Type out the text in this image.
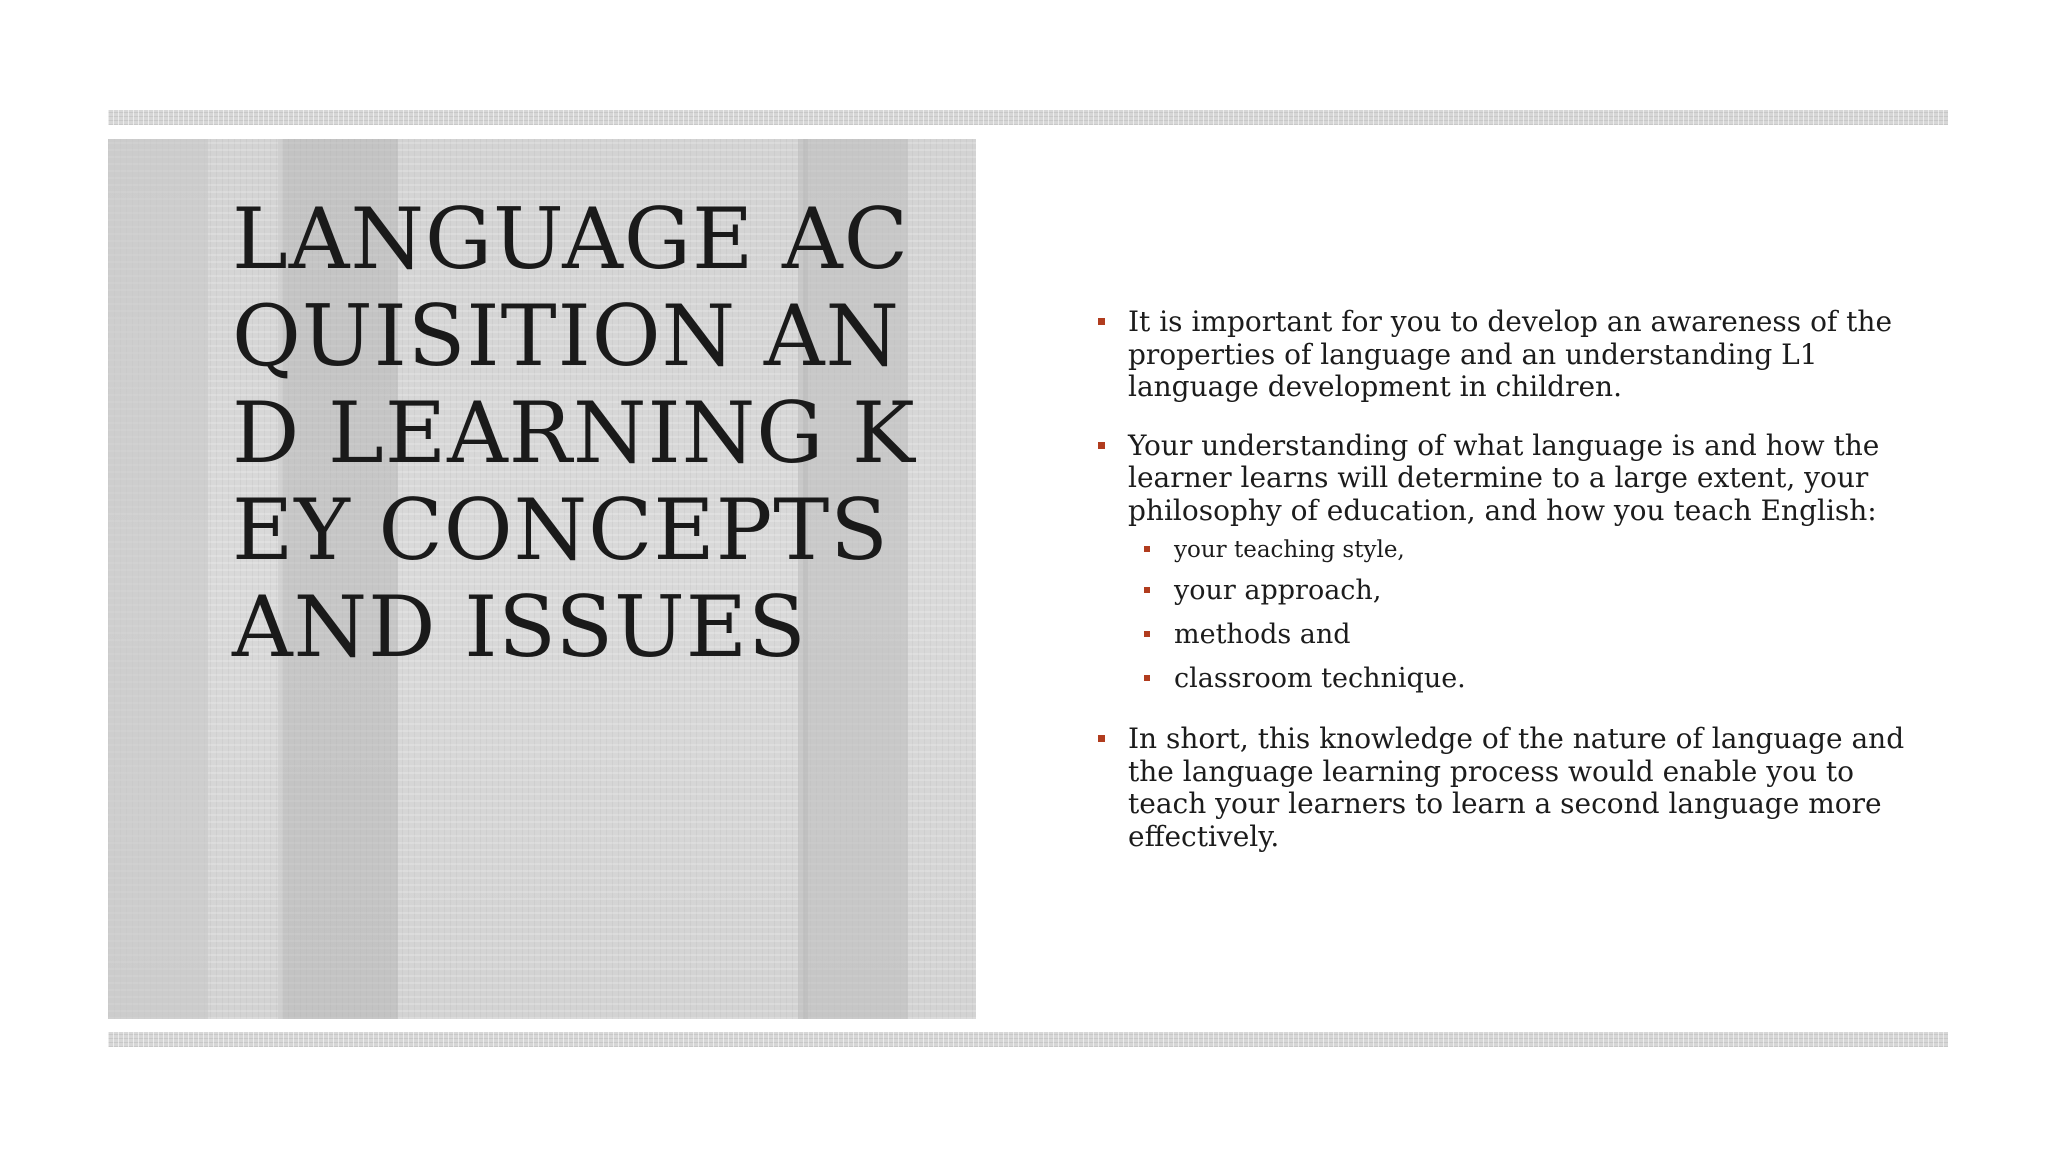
LANGUAGE ACQUISITION AND LEARNING KEY CONCEPTS AND ISSUES
It is important for you to develop an awareness of the properties of language and an understanding L1 language development in children.
Your understanding of what language is and how the learner learns will determine to a large extent, your philosophy of education, and how you teach English:
your teaching style,
your approach,
methods and
classroom technique.
In short, this knowledge of the nature of language and the language learning process would enable you to teach your learners to learn a second language more effectively.
